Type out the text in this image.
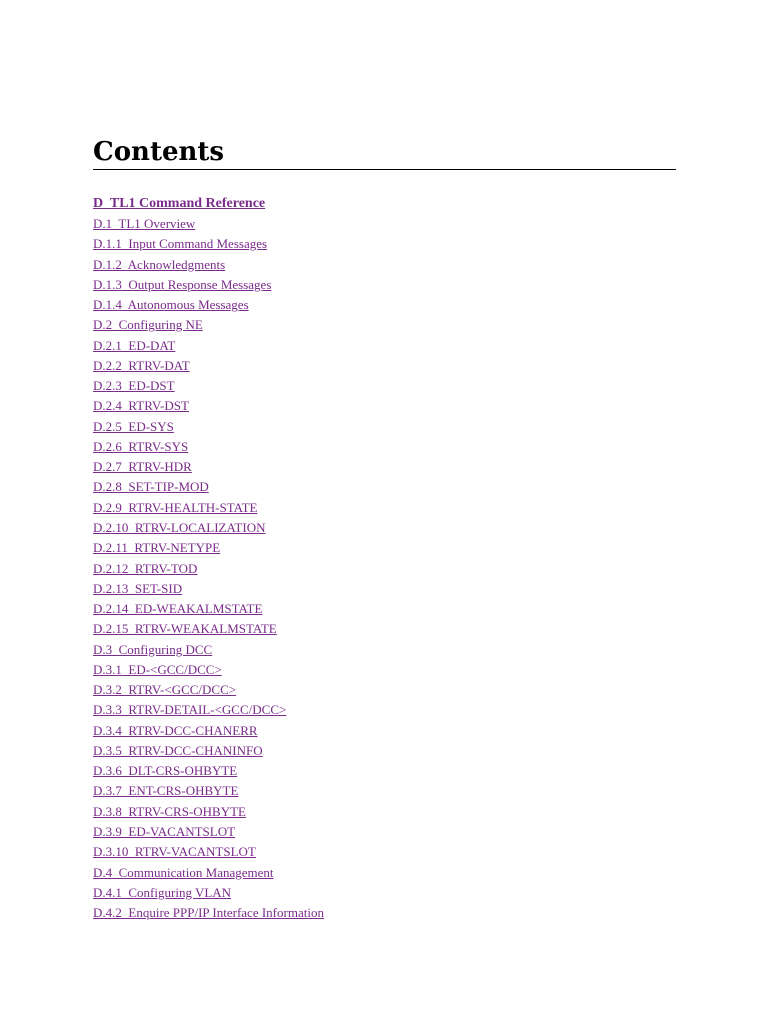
Contents
D  TL1 Command Reference
D.1  TL1 Overview
D.1.1  Input Command Messages
D.1.2  Acknowledgments
D.1.3  Output Response Messages
D.1.4  Autonomous Messages
D.2  Configuring NE
D.2.1  ED-DAT
D.2.2  RTRV-DAT
D.2.3  ED-DST
D.2.4  RTRV-DST
D.2.5  ED-SYS
D.2.6  RTRV-SYS
D.2.7  RTRV-HDR
D.2.8  SET-TIP-MOD
D.2.9  RTRV-HEALTH-STATE
D.2.10  RTRV-LOCALIZATION
D.2.11  RTRV-NETYPE
D.2.12  RTRV-TOD
D.2.13  SET-SID
D.2.14  ED-WEAKALMSTATE
D.2.15  RTRV-WEAKALMSTATE
D.3  Configuring DCC
D.3.1  ED-<GCC/DCC>
D.3.2  RTRV-<GCC/DCC>
D.3.3  RTRV-DETAIL-<GCC/DCC>
D.3.4  RTRV-DCC-CHANERR
D.3.5  RTRV-DCC-CHANINFO
D.3.6  DLT-CRS-OHBYTE
D.3.7  ENT-CRS-OHBYTE
D.3.8  RTRV-CRS-OHBYTE
D.3.9  ED-VACANTSLOT
D.3.10  RTRV-VACANTSLOT
D.4  Communication Management
D.4.1  Configuring VLAN
D.4.2  Enquire PPP/IP Interface Information
